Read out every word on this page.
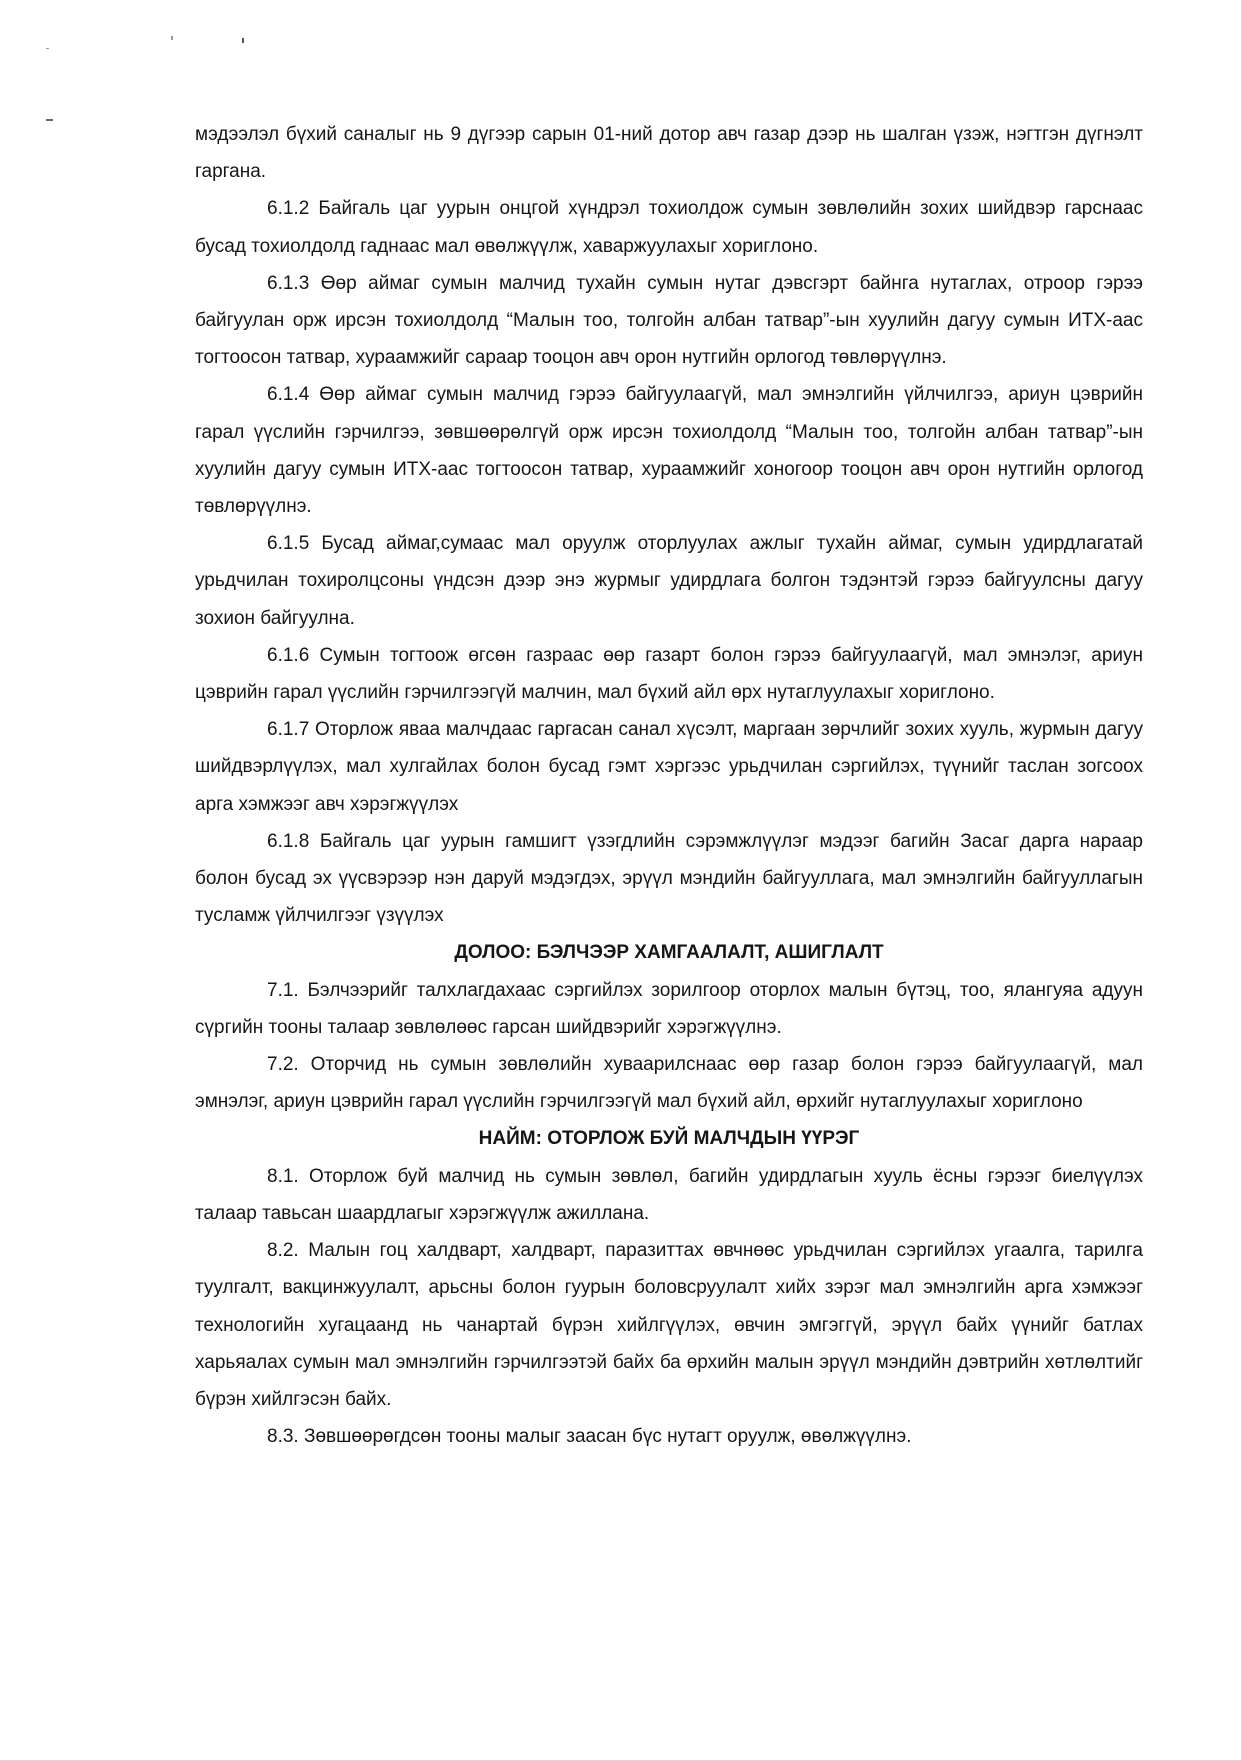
мэдээлэл бүхий саналыг нь 9 дүгээр сарын 01-ний дотор авч газар дээр нь шалган үзэж, нэгтгэн дүгнэлт гаргана.

6.1.2 Байгаль цаг уурын онцгой хүндрэл тохиолдож сумын зөвлөлийн зохих шийдвэр гарснаас бусад тохиолдолд гаднаас мал өвөлжүүлж, хаваржуулахыг хориглоно.

6.1.3 Өөр аймаг сумын малчид тухайн сумын нутаг дэвсгэрт байнга нутаглах, отроор гэрээ байгуулан орж ирсэн тохиолдолд “Малын тоо, толгойн албан татвар”-ын хуулийн дагуу сумын ИТХ-аас тогтоосон татвар, хураамжийг сараар тооцон авч орон нутгийн орлогод төвлөрүүлнэ.

6.1.4 Өөр аймаг сумын малчид гэрээ байгуулаагүй, мал эмнэлгийн үйлчилгээ, ариун цэврийн гарал үүслийн гэрчилгээ, зөвшөөрөлгүй орж ирсэн тохиолдолд “Малын тоо, толгойн албан татвар”-ын хуулийн дагуу сумын ИТХ-аас тогтоосон татвар, хураамжийг хоногоор тооцон авч орон нутгийн орлогод төвлөрүүлнэ.

6.1.5 Бусад аймаг,сумаас мал оруулж оторлуулах ажлыг тухайн аймаг, сумын удирдлагатай урьдчилан тохиролцсоны үндсэн дээр энэ журмыг удирдлага болгон тэдэнтэй гэрээ байгуулсны дагуу зохион байгуулна.

6.1.6 Сумын тогтоож өгсөн газраас өөр газарт болон гэрээ байгуулаагүй, мал эмнэлэг, ариун цэврийн гарал үүслийн гэрчилгээгүй малчин, мал бүхий айл өрх нутаглуулахыг хориглоно.

6.1.7 Оторлож яваа малчдаас гаргасан санал хүсэлт, маргаан зөрчлийг зохих хууль, журмын дагуу шийдвэрлүүлэх, мал хулгайлах болон бусад гэмт хэргээс урьдчилан сэргийлэх, түүнийг таслан зогсоох арга хэмжээг авч хэрэгжүүлэх

6.1.8 Байгаль цаг уурын гамшигт үзэгдлийн сэрэмжлүүлэг мэдээг багийн Засаг дарга нараар болон бусад эх үүсвэрээр нэн даруй мэдэгдэх, эрүүл мэндийн байгууллага, мал эмнэлгийн байгууллагын тусламж үйлчилгээг үзүүлэх

ДОЛОО: БЭЛЧЭЭР ХАМГААЛАЛТ, АШИГЛАЛТ

7.1. Бэлчээрийг талхлагдахаас сэргийлэх зорилгоор оторлох малын бүтэц, тоо, ялангуяа адуун сүргийн тооны талаар зөвлөлөөс гарсан шийдвэрийг хэрэгжүүлнэ.

7.2. Оторчид нь сумын зөвлөлийн хуваарилснаас өөр газар болон гэрээ байгуулаагүй, мал эмнэлэг, ариун цэврийн гарал үүслийн гэрчилгээгүй мал бүхий айл, өрхийг нутаглуулахыг хориглоно

НАЙМ: ОТОРЛОЖ БУЙ МАЛЧДЫН ҮҮРЭГ

8.1. Оторлож буй малчид нь сумын зөвлөл, багийн удирдлагын хууль ёсны гэрээг биелүүлэх талаар тавьсан шаардлагыг хэрэгжүүлж ажиллана.

8.2. Малын гоц халдварт, халдварт, паразиттах өвчнөөс урьдчилан сэргийлэх угаалга, тарилга туулгалт, вакцинжуулалт, арьсны болон гуурын боловсруулалт хийх зэрэг мал эмнэлгийн арга хэмжээг технологийн хугацаанд нь чанартай бүрэн хийлгүүлэх, өвчин эмгэггүй, эрүүл байх үүнийг батлах харьяалах сумын мал эмнэлгийн гэрчилгээтэй байх ба өрхийн малын эрүүл мэндийн дэвтрийн хөтлөлтийг бүрэн хийлгэсэн байх.

8.3. Зөвшөөрөгдсөн тооны малыг заасан бүс нутагт оруулж, өвөлжүүлнэ.
